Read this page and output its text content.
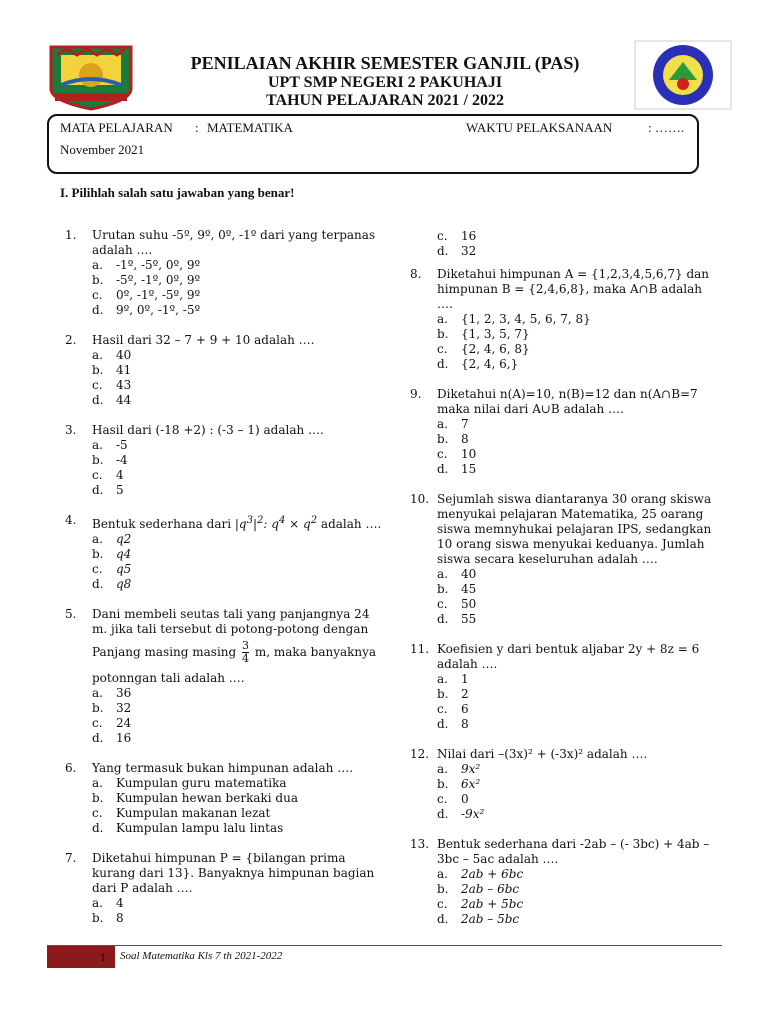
PENILAIAN AKHIR SEMESTER GANJIL (PAS)
UPT SMP NEGERI 2 PAKUHAJI
TAHUN PELAJARAN 2021 / 2022
MATA PELAJARAN : MATEMATIKA	WAKTU PELAKSANAAN	: …….
November 2021
I. Pilihlah salah satu jawaban yang benar!
1. Urutan suhu -5º, 9º, 0º, -1º dari yang terpanas adalah ….
a.	-1º, -5º, 0º, 9º
b.	-5º, -1º, 0º, 9º
c.	0º, -1º, -5º, 9º
d.	9º, 0º, -1º, -5º
2. Hasil dari 32 – 7 + 9 + 10 adalah ….
a.	40
b.	41
c.	43
d.	44
3. Hasil dari (-18 +2) : (-3 – 1) adalah ….
a.	-5
b.	-4
c.	4
d.	5
4. Bentuk sederhana dari $|q^3|^2$: $q^4 \times q^2$ adalah ….
a.	q2
b.	q4
c.	q5
d.	q8
5. Dani membeli seutas tali yang panjangnya 24 m. jika tali tersebut di potong-potong dengan
Panjang masing masing $\frac{3}{4} m$, maka banyaknya
potonngan tali adalah ….
a.	36
b.	32
c.	24
d.	16
6. Yang termasuk bukan himpunan adalah ….
a.	Kumpulan guru matematika
b.	Kumpulan hewan berkaki dua
c.	Kumpulan makanan lezat
d.	Kumpulan lampu lalu lintas
7. Diketahui himpunan P = {bilangan prima kurang dari 13}. Banyaknya himpunan bagian dari P adalah ….
a.	4
b.	8
c.	16
d.	32
8. Diketahui himpunan A = {1,2,3,4,5,6,7} dan himpunan B = {2,4,6,8}, maka A∩B adalah ….
a.	{1, 2, 3, 4, 5, 6, 7, 8}
b.	{1, 3, 5, 7}
c.	{2, 4, 6, 8}
d.	{2, 4, 6,}
9. Diketahui n(A)=10, n(B)=12 dan n(A∩B=7 maka nilai dari A∪B adalah ….
a.	7
b.	8
c.	10
d.	15
10. Sejumlah siswa diantaranya 30 orang skiswa menyukai pelajaran Matematika, 25 oarang siswa memnyhukai pelajaran IPS, sedangkan 10 orang siswa menyukai keduanya. Jumlah siswa secara keseluruhan adalah ….
a.	40
b.	45
c.	50
d.	55
11. Koefisien y dari bentuk aljabar 2y + 8z = 6 adalah ….
a.	1
b.	2
c.	6
d.	8
12. Nilai dari –(3x)² + (-3x)² adalah ….
a.	9x²
b.	6x²
c.	0
d.	-9x²
13. Bentuk sederhana dari -2ab – (- 3bc) + 4ab – 3bc – 5ac adalah ….
a.	2ab + 6bc
b.	2ab – 6bc
c.	2ab + 5bc
d.	2ab – 5bc
1 Soal Matematika Kls 7 th 2021-2022
